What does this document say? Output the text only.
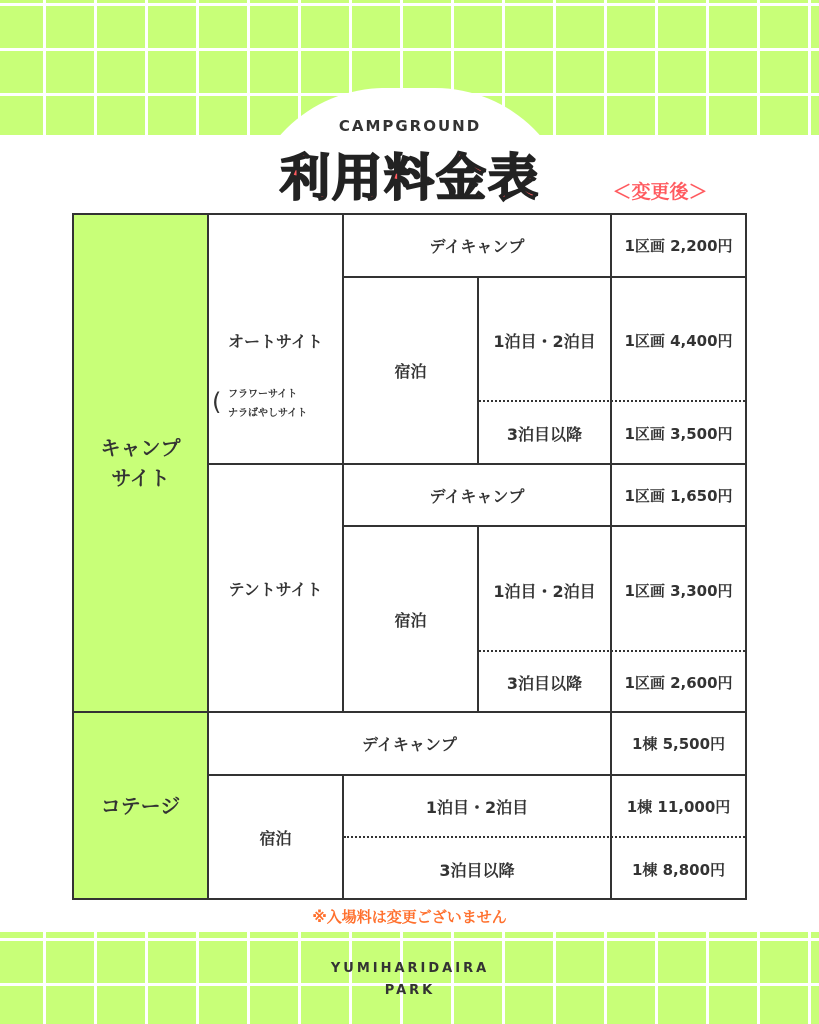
CAMPGROUND
利用料金表	＜変更後＞
キャンプ
サイト
オートサイト
( フラワーサイト
ナラばやしサイト
デイキャンプ	1区画 2,200円
宿泊
1泊目・2泊目	1区画 4,400円
3泊目以降	1区画 3,500円
テントサイト
デイキャンプ	1区画 1,650円
宿泊
1泊目・2泊目	1区画 3,300円
3泊目以降	1区画 2,600円
コテージ
デイキャンプ	1棟 5,500円
宿泊
1泊目・2泊目	1棟 11,000円
3泊目以降	1棟 8,800円
※入場料は変更ございません
YUMIHARIDAIRA
PARK
